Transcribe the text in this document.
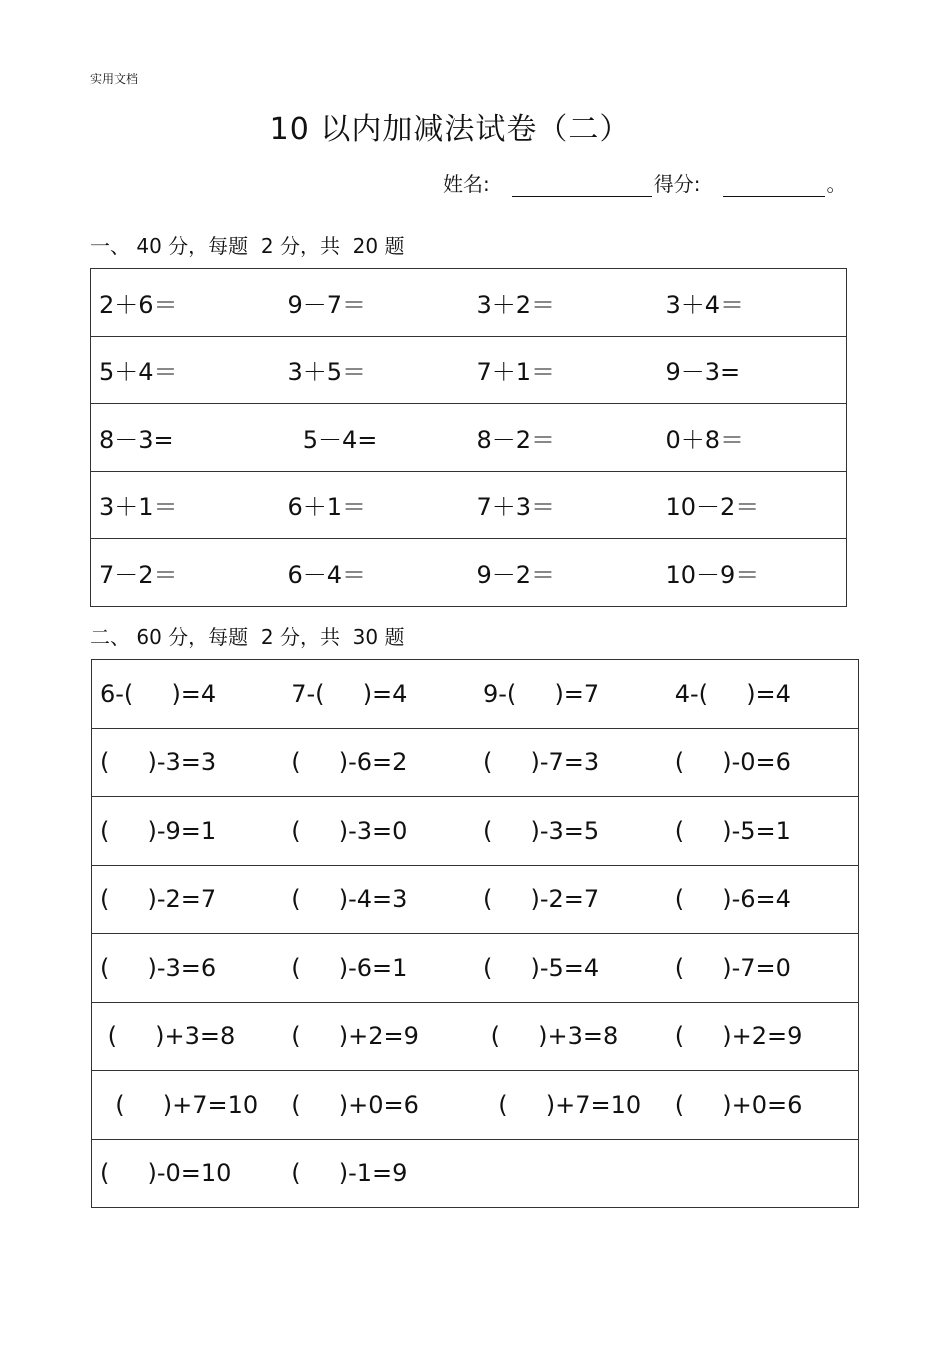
实用文档
10 以内加减法试卷（二）
姓名:	得分:	。
一、 40 分，每题  2 分，共  20 题
2＋6＝	9－7＝	3＋2＝	3＋4＝
5＋4＝	3＋5＝	7＋1＝	9－3=
8－3=	5－4=	8－2＝	0＋8＝
3＋1＝	6＋1＝	7＋3＝	10－2＝
7－2＝	6－4＝	9－2＝	10－9＝
二、 60 分，每题  2 分，共  30 题
6-(     )=4	7-(     )=4	9-(     )=7	4-(     )=4
(     )-3=3	(     )-6=2	(     )-7=3	(     )-0=6
(     )-9=1	(     )-3=0	(     )-3=5	(     )-5=1
(     )-2=7	(     )-4=3	(     )-2=7	(     )-6=4
(     )-3=6	(     )-6=1	(     )-5=4	(     )-7=0
(     )+3=8	(     )+2=9	(     )+3=8	(     )+2=9
(     )+7=10	(     )+0=6	(     )+7=10	(     )+0=6
(     )-0=10	(     )-1=9		
